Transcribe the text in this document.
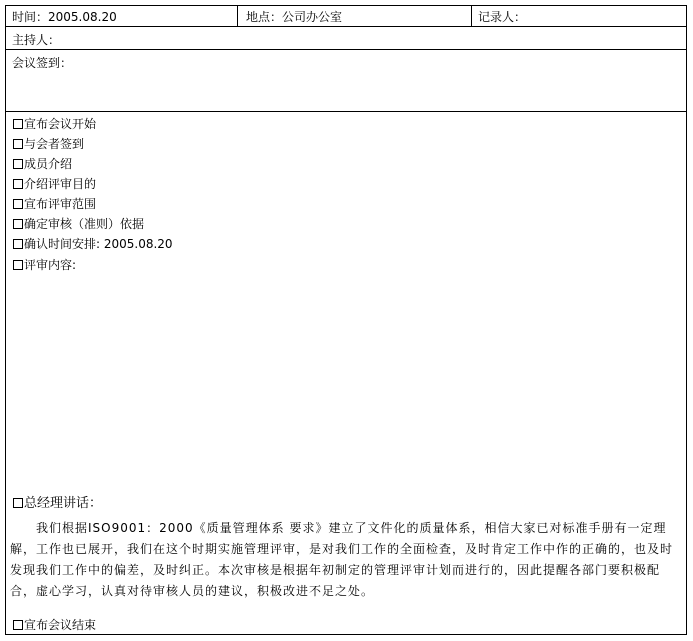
时间：2005.08.20	地点：公司办公室	记录人：
主持人：
会议签到：
宣布会议开始
与会者签到
成员介绍
介绍评审目的
宣布评审范围
确定审核（准则）依据
确认时间安排: 2005.08.20
评审内容:
总经理讲话：
我们根据ISO9001：2000《质量管理体系 要求》建立了文件化的质量体系，相信大家已对标准手册有一定理解，工作也已展开，我们在这个时期实施管理评审，是对我们工作的全面检查，及时肯定工作中作的正确的，也及时发现我们工作中的偏差，及时纠正。本次审核是根据年初制定的管理评审计划而进行的，因此提醒各部门要积极配合，虚心学习，认真对待审核人员的建议，积极改进不足之处。
宣布会议结束
